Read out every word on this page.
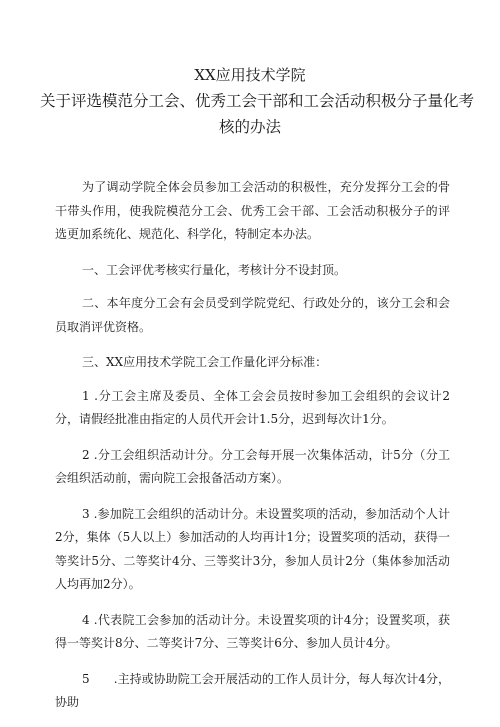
XX应用技术学院
关于评选模范分工会、优秀工会干部和工会活动积极分子量化考
核的办法

为了调动学院全体会员参加工会活动的积极性，充分发挥分工会的骨干带头作用，使我院模范分工会、优秀工会干部、工会活动积极分子的评选更加系统化、规范化、科学化，特制定本办法。

一、工会评优考核实行量化，考核计分不设封顶。

二、本年度分工会有会员受到学院党纪、行政处分的，该分工会和会员取消评优资格。

三、XX应用技术学院工会工作量化评分标准：

1 .分工会主席及委员、全体工会会员按时参加工会组织的会议计2分，请假经批准由指定的人员代开会计1.5分，迟到每次计1分。

2 .分工会组织活动计分。分工会每开展一次集体活动，计5分（分工会组织活动前，需向院工会报备活动方案）。

3 .参加院工会组织的活动计分。未设置奖项的活动，参加活动个人计2分，集体（5人以上）参加活动的人均再计1分；设置奖项的活动，获得一等奖计5分、二等奖计4分、三等奖计3分，参加人员计2分（集体参加活动人均再加2分）。

4 .代表院工会参加的活动计分。未设置奖项的计4分；设置奖项，获得一等奖计8分、二等奖计7分、三等奖计6分、参加人员计4分。

5　　.主持或协助院工会开展活动的工作人员计分，每人每次计4分，协助
